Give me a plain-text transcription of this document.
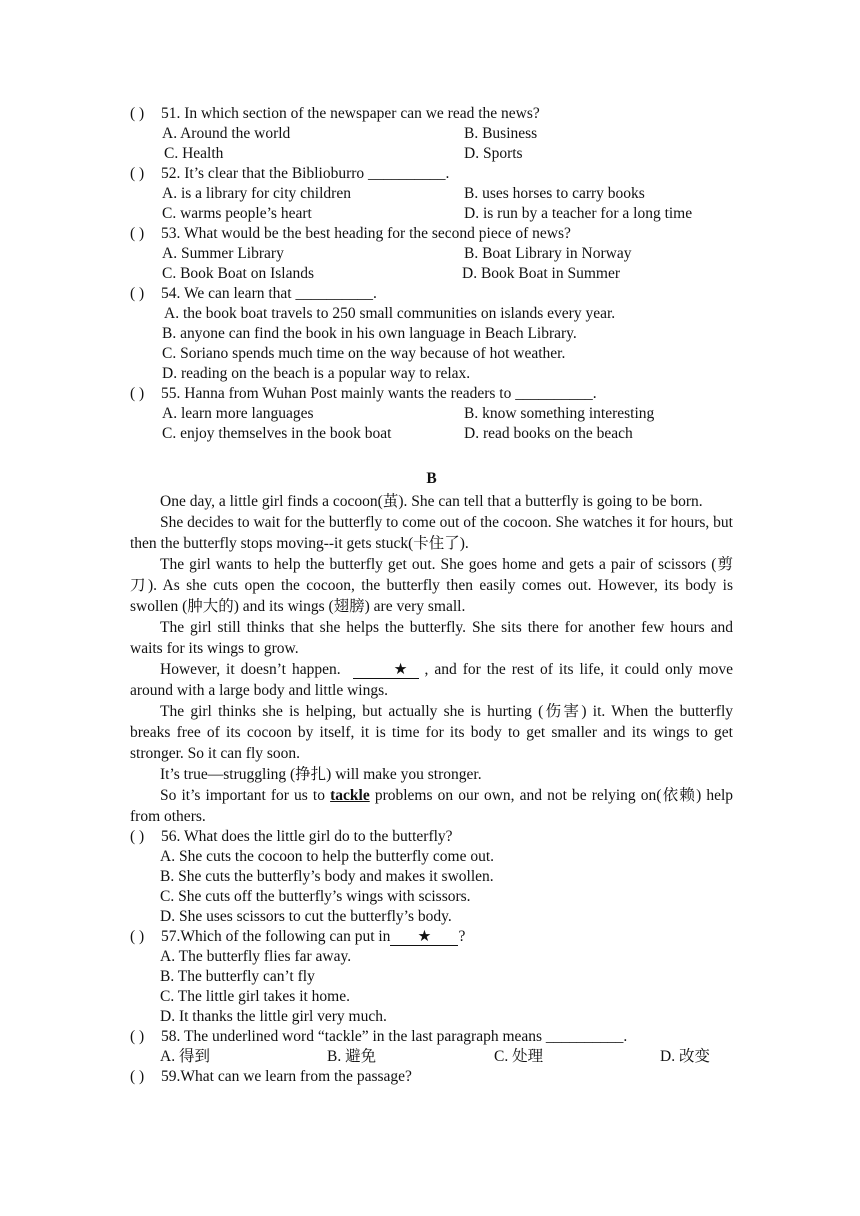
( ) 51. In which section of the newspaper can we read the news?
A. Around the world	B. Business
C. Health	D. Sports
( ) 52. It’s clear that the Biblioburro __________.
A. is a library for city children	B. uses horses to carry books
C. warms people’s heart	D. is run by a teacher for a long time
( ) 53. What would be the best heading for the second piece of news?
A. Summer Library	B. Boat Library in Norway
C. Book Boat on Islands	D. Book Boat in Summer
( ) 54. We can learn that __________.
A. the book boat travels to 250 small communities on islands every year.
B. anyone can find the book in his own language in Beach Library.
C. Soriano spends much time on the way because of hot weather.
D. reading on the beach is a popular way to relax.
( ) 55. Hanna from Wuhan Post mainly wants the readers to __________.
A. learn more languages	B. know something interesting
C. enjoy themselves in the book boat	D. read books on the beach
B

One day, a little girl finds a cocoon(茧). She can tell that a butterfly is going to be born.

She decides to wait for the butterfly to come out of the cocoon. She watches it for hours, but then the butterfly stops moving--it gets stuck(卡住了).

The girl wants to help the butterfly get out. She goes home and gets a pair of scissors (剪刀). As she cuts open the cocoon, the butterfly then easily comes out. However, its body is swollen (肿大的) and its wings (翅膀) are very small.

The girl still thinks that she helps the butterfly. She sits there for another few hours and waits for its wings to grow.

However, it doesn’t happen.	★ , and for the rest of its life, it could only move around with a large body and little wings.

The girl thinks she is helping, but actually she is hurting (伤害) it. When the butterfly breaks free of its cocoon by itself, it is time for its body to get smaller and its wings to get stronger. So it can fly soon.

It’s true—struggling (挣扎) will make you stronger.

So it’s important for us to tackle problems on our own, and not be relying on(依赖) help from others.

( ) 56. What does the little girl do to the butterfly?
A. She cuts the cocoon to help the butterfly come out.
B. She cuts the butterfly’s body and makes it swollen.
C. She cuts off the butterfly’s wings with scissors.
D. She uses scissors to cut the butterfly’s body.
( ) 57.Which of the following can put in ★ ?
A. The butterfly flies far away.
B. The butterfly can’t fly
C. The little girl takes it home.
D. It thanks the little girl very much.
( ) 58. The underlined word “tackle” in the last paragraph means __________.
A. 得到	B. 避免	C. 处理	D. 改变
( ) 59.What can we learn from the passage?
